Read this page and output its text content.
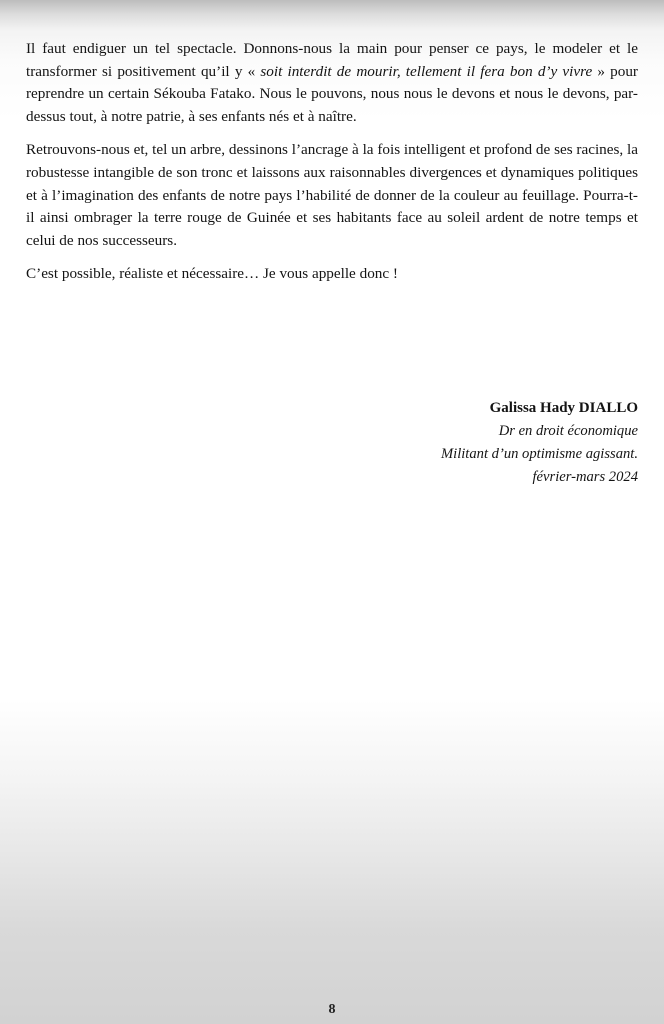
Il faut endiguer un tel spectacle. Donnons-nous la main pour penser ce pays, le modeler et le transformer si positivement qu’il y « soit interdit de mourir, tellement il fera bon d’y vivre » pour reprendre un certain Sékouba Fatako. Nous le pouvons, nous nous le devons et nous le devons, par-dessus tout, à notre patrie, à ses enfants nés et à naître.

Retrouvons-nous et, tel un arbre, dessinons l’ancrage à la fois intelligent et profond de ses racines, la robustesse intangible de son tronc et laissons aux raisonnables divergences et dynamiques politiques et à l’imagination des enfants de notre pays l’habilité de donner de la couleur au feuillage. Pourra-t-il ainsi ombrager la terre rouge de Guinée et ses habitants face au soleil ardent de notre temps et celui de nos successeurs.

C’est possible, réaliste et nécessaire… Je vous appelle donc !

Galissa Hady DIALLO
Dr en droit économique
Militant d’un optimisme agissant.
février-mars 2024
8
